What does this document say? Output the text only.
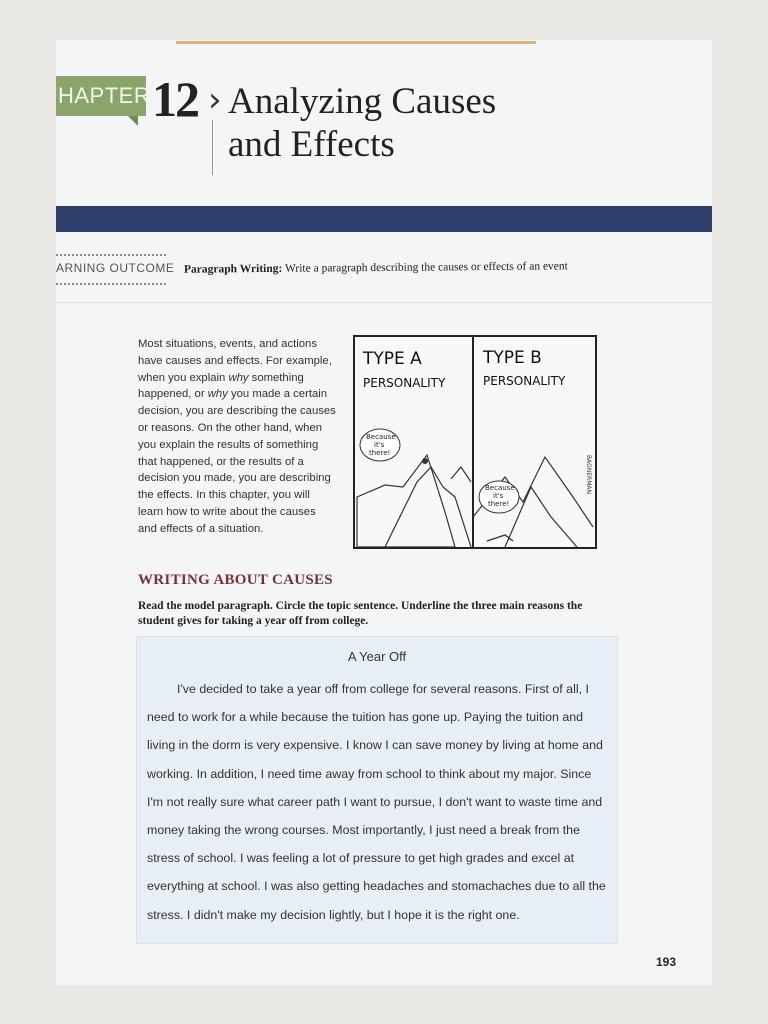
HAPTER 12 › Analyzing Causes
and Effects
ARNING OUTCOME Paragraph Writing: Write a paragraph describing the causes or effects of an event
Most situations, events, and actions have causes and effects. For example, when you explain why something happened, or why you made a certain decision, you are describing the causes or reasons. On the other hand, when you explain the results of something that happened, or the results of a decision you made, you are describing the effects. In this chapter, you will learn how to write about the causes and effects of a situation.
TYPE A
PERSONALITY
TYPE B
PERSONALITY
Because
it's
there!
Because
it's
there!
BAGNERMAN
WRITING ABOUT CAUSES
Read the model paragraph. Circle the topic sentence. Underline the three main reasons the student gives for taking a year off from college.
A Year Off
I've decided to take a year off from college for several reasons. First of all, I need to work for a while because the tuition has gone up. Paying the tuition and living in the dorm is very expensive. I know I can save money by living at home and working. In addition, I need time away from school to think about my major. Since I'm not really sure what career path I want to pursue, I don't want to waste time and money taking the wrong courses. Most importantly, I just need a break from the stress of school. I was feeling a lot of pressure to get high grades and excel at everything at school. I was also getting headaches and stomachaches due to all the stress. I didn't make my decision lightly, but I hope it is the right one.
193
